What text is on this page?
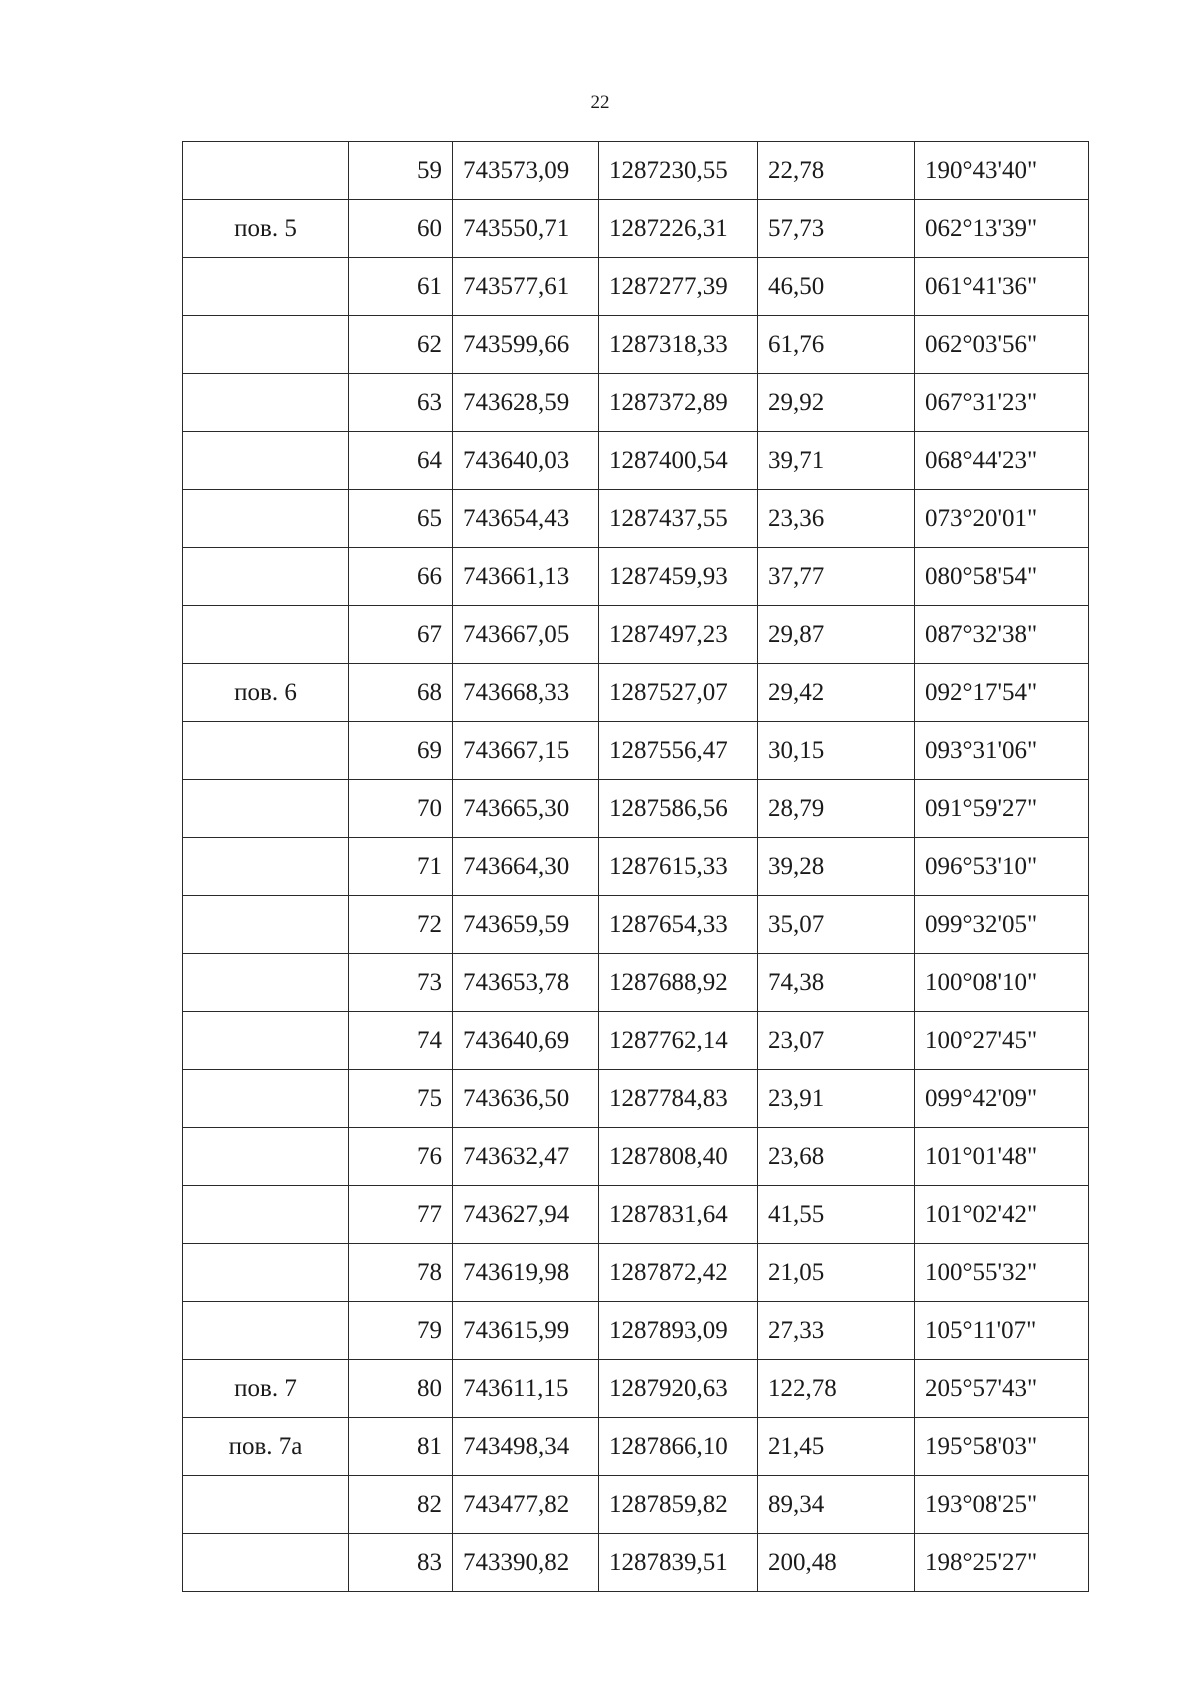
22
	59	743573,09	1287230,55	22,78	190°43'40"
пов. 5	60	743550,71	1287226,31	57,73	062°13'39"
	61	743577,61	1287277,39	46,50	061°41'36"
	62	743599,66	1287318,33	61,76	062°03'56"
	63	743628,59	1287372,89	29,92	067°31'23"
	64	743640,03	1287400,54	39,71	068°44'23"
	65	743654,43	1287437,55	23,36	073°20'01"
	66	743661,13	1287459,93	37,77	080°58'54"
	67	743667,05	1287497,23	29,87	087°32'38"
пов. 6	68	743668,33	1287527,07	29,42	092°17'54"
	69	743667,15	1287556,47	30,15	093°31'06"
	70	743665,30	1287586,56	28,79	091°59'27"
	71	743664,30	1287615,33	39,28	096°53'10"
	72	743659,59	1287654,33	35,07	099°32'05"
	73	743653,78	1287688,92	74,38	100°08'10"
	74	743640,69	1287762,14	23,07	100°27'45"
	75	743636,50	1287784,83	23,91	099°42'09"
	76	743632,47	1287808,40	23,68	101°01'48"
	77	743627,94	1287831,64	41,55	101°02'42"
	78	743619,98	1287872,42	21,05	100°55'32"
	79	743615,99	1287893,09	27,33	105°11'07"
пов. 7	80	743611,15	1287920,63	122,78	205°57'43"
пов. 7а	81	743498,34	1287866,10	21,45	195°58'03"
	82	743477,82	1287859,82	89,34	193°08'25"
	83	743390,82	1287839,51	200,48	198°25'27"
